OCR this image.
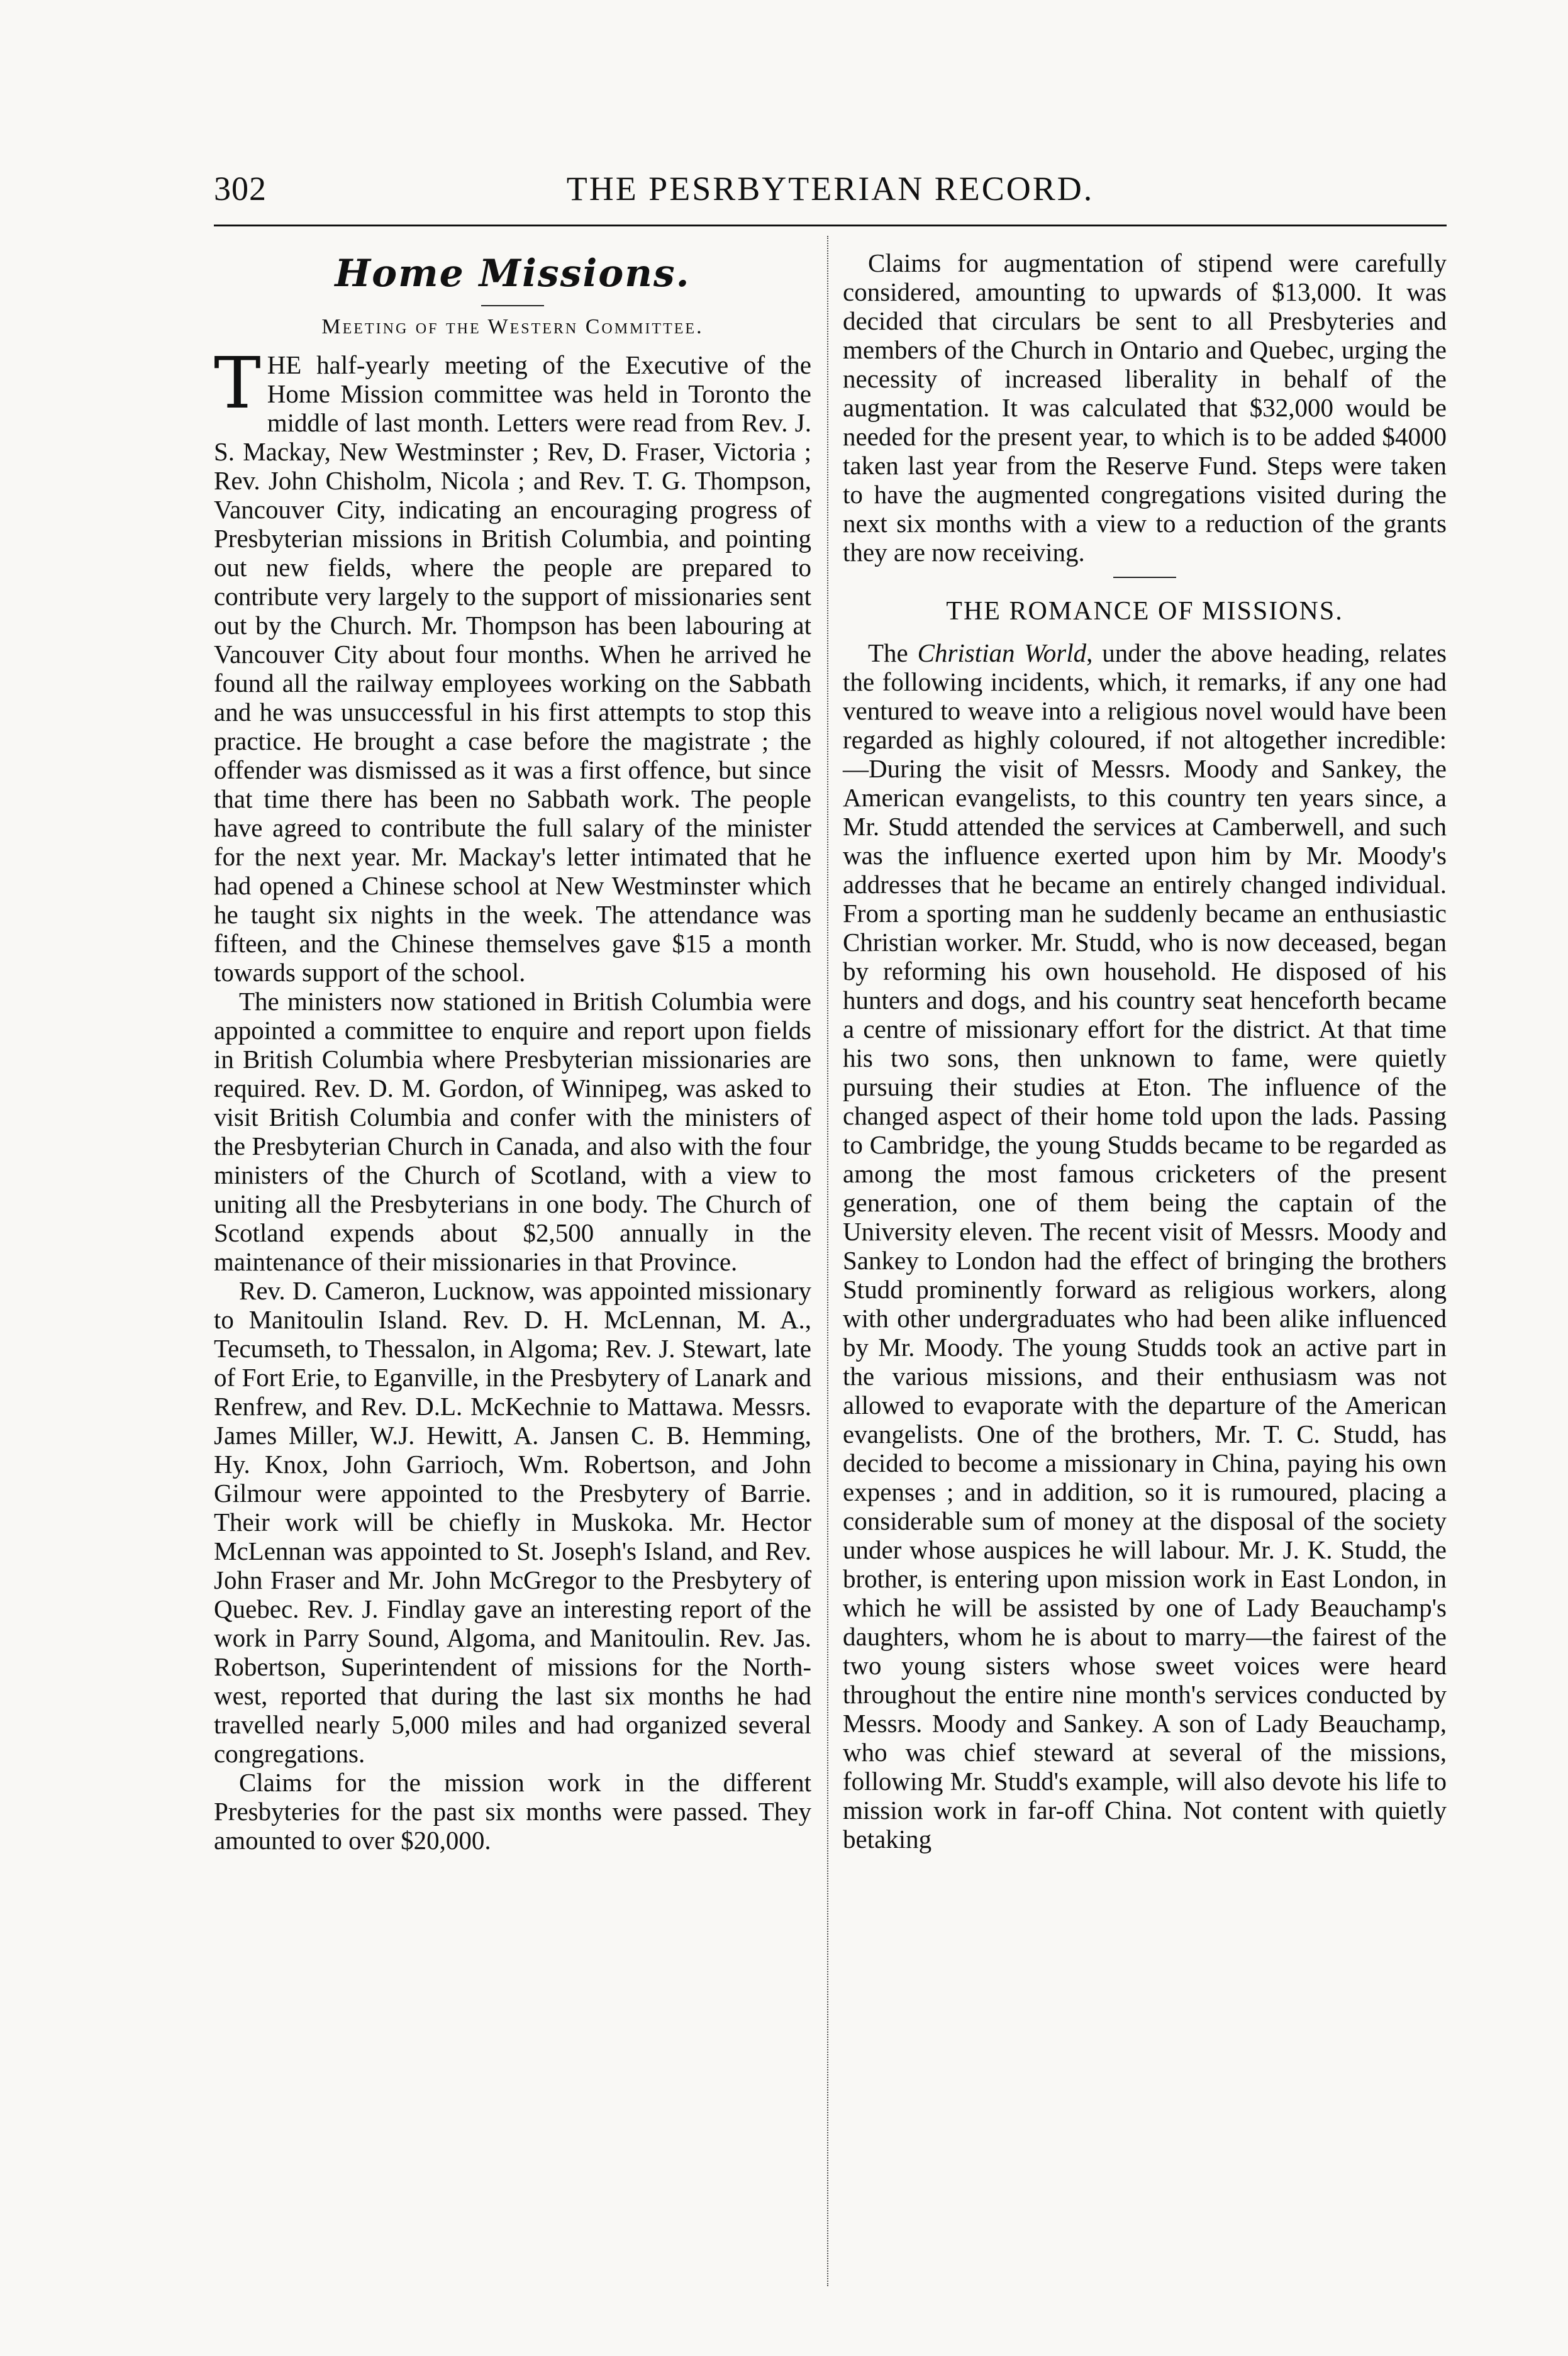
302	THE PESRBYTERIAN RECORD.
Home Missions.
Meeting of the Western Committee.

THE half-yearly meeting of the Executive of the Home Mission committee was held in Toronto the middle of last month. Letters were read from Rev. J. S. Mackay, New Westminster ; Rev, D. Fraser, Victoria ; Rev. John Chisholm, Nicola ; and Rev. T. G. Thompson, Vancouver City, indicating an encouraging progress of Presbyterian missions in British Columbia, and pointing out new fields, where the people are prepared to contribute very largely to the support of missionaries sent out by the Church. Mr. Thompson has been labouring at Vancouver City about four months. When he arrived he found all the railway employees working on the Sabbath and he was unsuccessful in his first attempts to stop this practice. He brought a case before the magistrate ; the offender was dismissed as it was a first offence, but since that time there has been no Sabbath work. The people have agreed to contribute the full salary of the minister for the next year. Mr. Mackay's letter intimated that he had opened a Chinese school at New Westminster which he taught six nights in the week. The attendance was fifteen, and the Chinese themselves gave $15 a month towards support of the school.

The ministers now stationed in British Columbia were appointed a committee to enquire and report upon fields in British Columbia where Presbyterian missionaries are required. Rev. D. M. Gordon, of Winnipeg, was asked to visit British Columbia and confer with the ministers of the Presbyterian Church in Canada, and also with the four ministers of the Church of Scotland, with a view to uniting all the Presbyterians in one body. The Church of Scotland expends about $2,500 annually in the maintenance of their missionaries in that Province.

Rev. D. Cameron, Lucknow, was appointed missionary to Manitoulin Island. Rev. D. H. McLennan, M. A., Tecumseth, to Thessalon, in Algoma; Rev. J. Stewart, late of Fort Erie, to Eganville, in the Presbytery of Lanark and Renfrew, and Rev. D.L. McKechnie to Mattawa. Messrs. James Miller, W.J. Hewitt, A. Jansen C. B. Hemming, Hy. Knox, John Garrioch, Wm. Robertson, and John Gilmour were appointed to the Presbytery of Barrie. Their work will be chiefly in Muskoka. Mr. Hector McLennan was appointed to St. Joseph's Island, and Rev. John Fraser and Mr. John McGregor to the Presbytery of Quebec. Rev. J. Findlay gave an interesting report of the work in Parry Sound, Algoma, and Manitoulin. Rev. Jas. Robertson, Superintendent of missions for the North-west, reported that during the last six months he had travelled nearly 5,000 miles and had organized several congregations.

Claims for the mission work in the different Presbyteries for the past six months were passed. They amounted to over $20,000.

Claims for augmentation of stipend were carefully considered, amounting to upwards of $13,000. It was decided that circulars be sent to all Presbyteries and members of the Church in Ontario and Quebec, urging the necessity of increased liberality in behalf of the augmentation. It was calculated that $32,000 would be needed for the present year, to which is to be added $4000 taken last year from the Reserve Fund. Steps were taken to have the augmented congregations visited during the next six months with a view to a reduction of the grants they are now receiving.

THE ROMANCE OF MISSIONS.

The Christian World, under the above heading, relates the following incidents, which, it remarks, if any one had ventured to weave into a religious novel would have been regarded as highly coloured, if not altogether incredible:—During the visit of Messrs. Moody and Sankey, the American evangelists, to this country ten years since, a Mr. Studd attended the services at Camberwell, and such was the influence exerted upon him by Mr. Moody's addresses that he became an entirely changed individual. From a sporting man he suddenly became an enthusiastic Christian worker. Mr. Studd, who is now deceased, began by reforming his own household. He disposed of his hunters and dogs, and his country seat henceforth became a centre of missionary effort for the district. At that time his two sons, then unknown to fame, were quietly pursuing their studies at Eton. The influence of the changed aspect of their home told upon the lads. Passing to Cambridge, the young Studds became to be regarded as among the most famous cricketers of the present generation, one of them being the captain of the University eleven. The recent visit of Messrs. Moody and Sankey to London had the effect of bringing the brothers Studd prominently forward as religious workers, along with other undergraduates who had been alike influenced by Mr. Moody. The young Studds took an active part in the various missions, and their enthusiasm was not allowed to evaporate with the departure of the American evangelists. One of the brothers, Mr. T. C. Studd, has decided to become a missionary in China, paying his own expenses ; and in addition, so it is rumoured, placing a considerable sum of money at the disposal of the society under whose auspices he will labour. Mr. J. K. Studd, the brother, is entering upon mission work in East London, in which he will be assisted by one of Lady Beauchamp's daughters, whom he is about to marry—the fairest of the two young sisters whose sweet voices were heard throughout the entire nine month's services conducted by Messrs. Moody and Sankey. A son of Lady Beauchamp, who was chief steward at several of the missions, following Mr. Studd's example, will also devote his life to mission work in far-off China. Not content with quietly betaking
